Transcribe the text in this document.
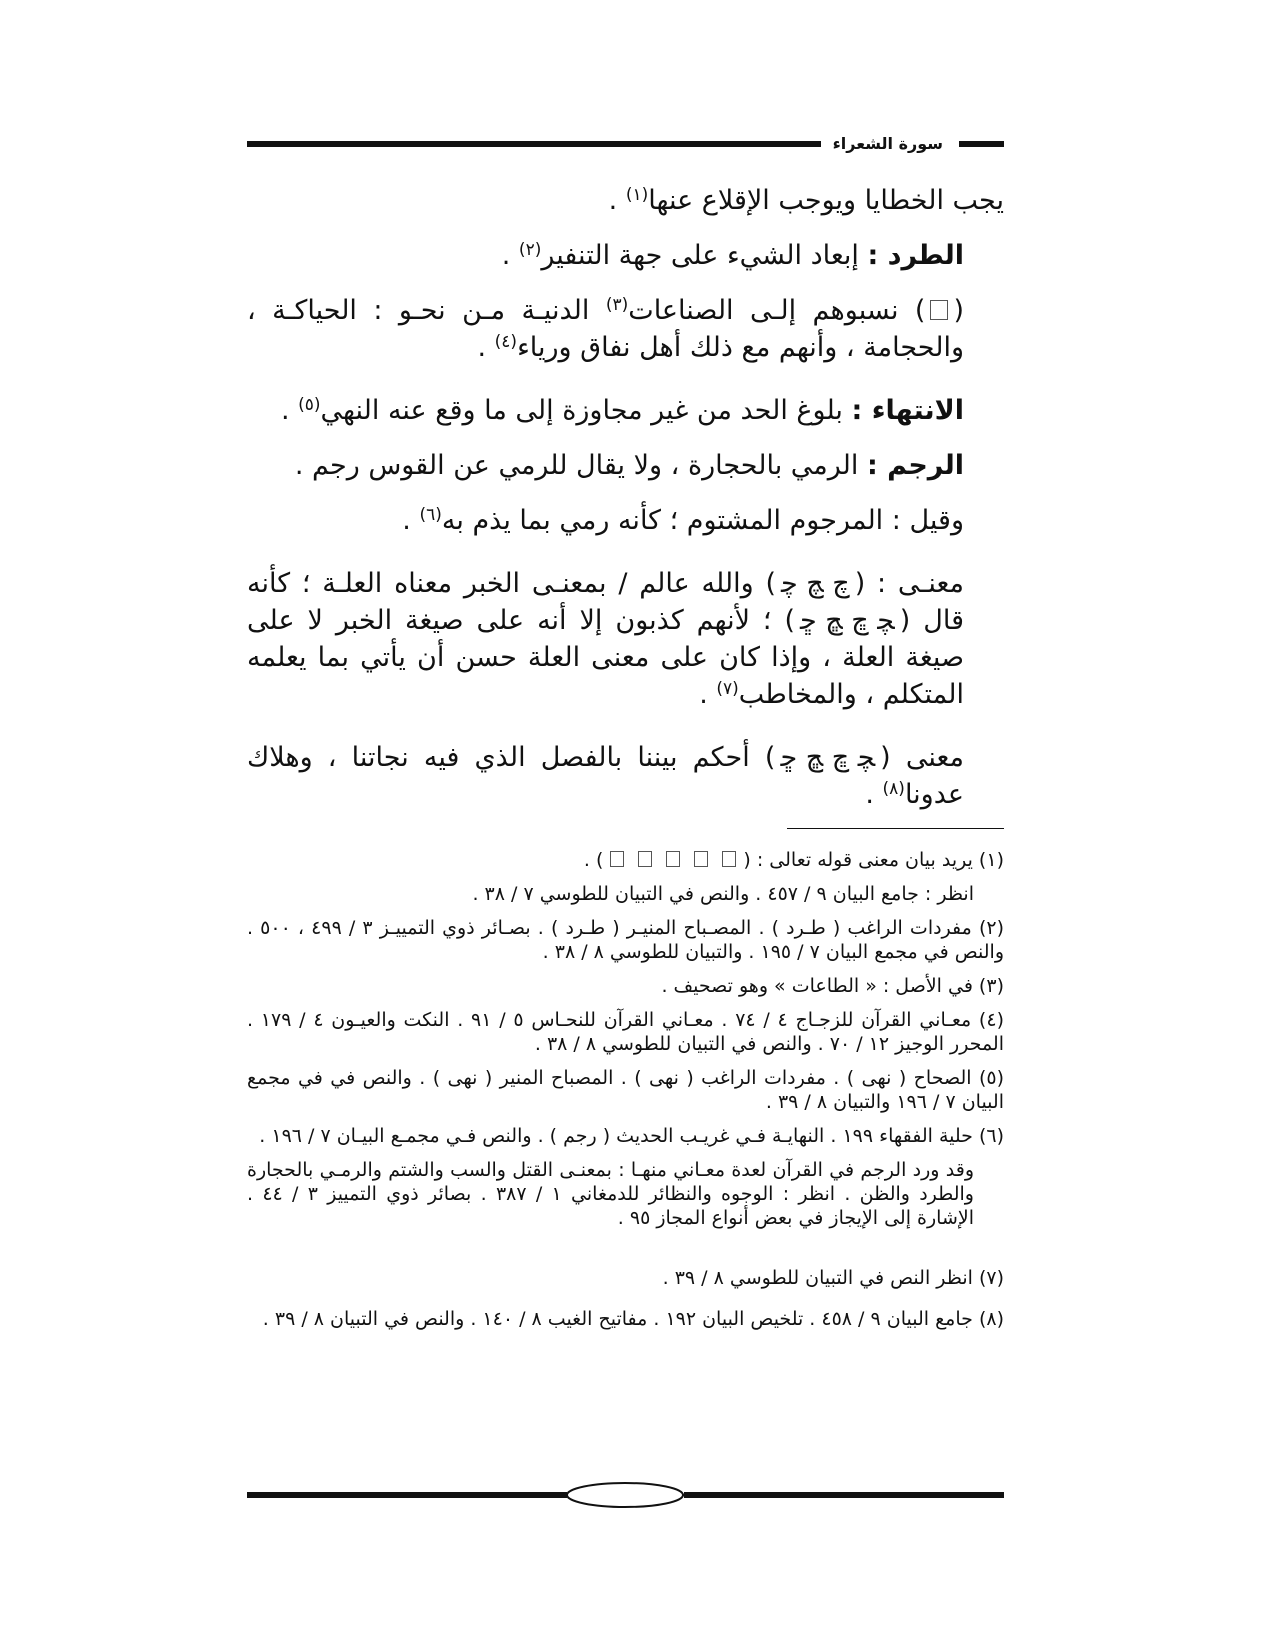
سورة الشعراء

يجب الخطايا ويوجب الإقلاع عنها$^{(١)}$ .

الطرد : إبعاد الشيء على جهة التنفير$^{(٢)}$ .

() نسبوهم إلـى الصناعات$^{(٣)}$ الدنيـة مـن نحـو : الحياكـة ، والحجامة ، وأنهم مع ذلك أهل نفاق ورياء$^{(٤)}$ .

الانتهاء : بلوغ الحد من غير مجاوزة إلى ما وقع عنه النهي$^{(٥)}$ .

الرجم : الرمي بالحجارة ، ولا يقال للرمي عن القوس رجم .

وقيل : المرجوم المشتوم ؛ كأنه رمي بما يذم به$^{(٦)}$ .

معنـى : (ﭺ ﭻ ﭼ) والله عالم / بمعنـى الخبر معناه العلـة ؛ كأنه قال (ﭽ ﭾ ﭿ ﮀ) ؛ لأنهم كذبون إلا أنه على صيغة الخبر لا على صيغة العلة ، وإذا كان على معنى العلة حسن أن يأتي بما يعلمه المتكلم ، والمخاطب$^{(٧)}$ .

معنى (ﭽ ﭾ ﭿ ﮀ) أحكم بيننا بالفصل الذي فيه نجاتنا ، وهلاك عدونا$^{(٨)}$ .

(١) يريد بيان معنى قوله تعالى : () .
انظر : جامع البيان ٩ / ٤٥٧ . والنص في التبيان للطوسي ٧ / ٣٨ .
(٢) مفردات الراغب ( طـرد ) . المصـباح المنيـر ( طـرد ) . بصـائر ذوي التمييـز ٣ / ٤٩٩ ، ٥٠٠ . والنص في مجمع البيان ٧ / ١٩٥ . والتبيان للطوسي ٨ / ٣٨ .
(٣) في الأصل : « الطاعات » وهو تصحيف .
(٤) معـاني القرآن للزجـاج ٤ / ٧٤ . معـاني القرآن للنحـاس ٥ / ٩١ . النكت والعيـون ٤ / ١٧٩ . المحرر الوجيز ١٢ / ٧٠ . والنص في التبيان للطوسي ٨ / ٣٨ .
(٥) الصحاح ( نهى ) . مفردات الراغب ( نهى ) . المصباح المنير ( نهى ) . والنص في في مجمع البيان ٧ / ١٩٦ والتبيان ٨ / ٣٩ .
(٦) حلية الفقهاء ١٩٩ . النهايـة فـي غريـب الحديث ( رجم ) . والنص فـي مجمـع البيـان ٧ / ١٩٦ .
وقد ورد الرجم في القرآن لعدة معـاني منهـا : بمعنـى القتل والسب والشتم والرمـي بالحجارة والطرد والظن . انظر : الوجوه والنظائر للدمغاني ١ / ٣٨٧ . بصائر ذوي التمييز ٣ / ٤٤ . الإشارة إلى الإيجاز في بعض أنواع المجاز ٩٥ .
(٧) انظر النص في التبيان للطوسي ٨ / ٣٩ .
(٨) جامع البيان ٩ / ٤٥٨ . تلخيص البيان ١٩٢ . مفاتيح الغيب ٨ / ١٤٠ . والنص في التبيان ٨ / ٣٩ .
